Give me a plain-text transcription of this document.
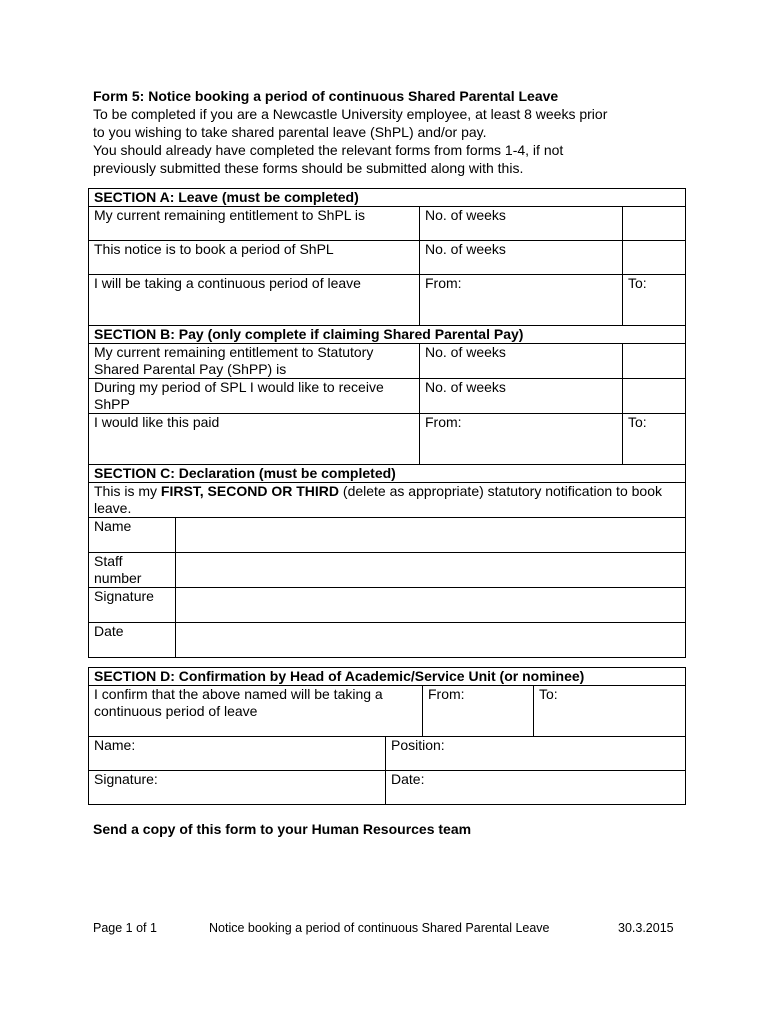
Form 5: Notice booking a period of continuous Shared Parental Leave
To be completed if you are a Newcastle University employee, at least 8 weeks prior
to you wishing to take shared parental leave (ShPL) and/or pay.
You should already have completed the relevant forms from forms 1-4, if not
previously submitted these forms should be submitted along with this.
SECTION A: Leave (must be completed)			
My current remaining entitlement to ShPL is		No. of weeks	
This notice is to book a period of ShPL		No. of weeks	
I will be taking a continuous period of leave		From:	To:
SECTION B: Pay (only complete if claiming Shared Parental Pay)			
My current remaining entitlement to Statutory Shared Parental Pay (ShPP) is		No. of weeks	
During my period of SPL I would like to receive ShPP		No. of weeks	
I would like this paid		From:	To:
SECTION C: Declaration (must be completed)			
This is my FIRST, SECOND OR THIRD (delete as appropriate) statutory notification to book leave.			
Name			
Staff number			
Signature			
Date			
SECTION D: Confirmation by Head of Academic/Service Unit (or nominee)			
I confirm that the above named will be taking a continuous period of leave		From:	To:
Name:	Position:		
Signature:	Date:		
Send a copy of this form to your Human Resources team
Page 1 of 1	Notice booking a period of continuous Shared Parental Leave	30.3.2015
